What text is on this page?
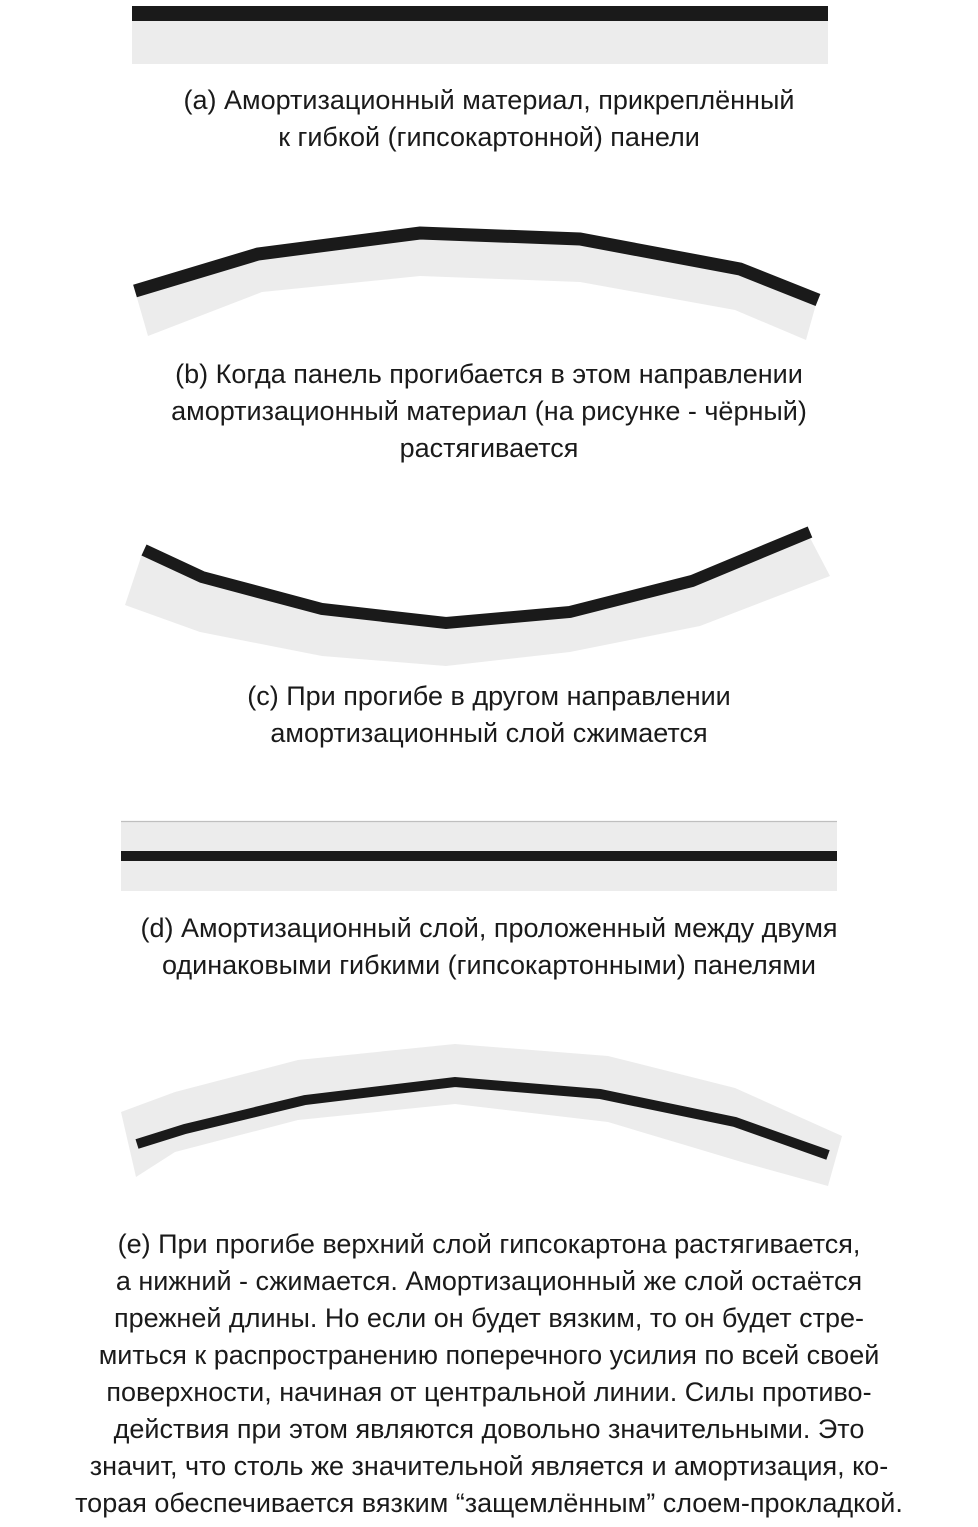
(a) Амортизационный материал, прикреплённый
к гибкой (гипсокартонной) панели
(b) Когда панель прогибается в этом направлении
амортизационный материал (на рисунке - чёрный)
растягивается
(c) При прогибе в другом направлении
амортизационный слой сжимается
(d) Амортизационный слой, проложенный между двумя
одинаковыми гибкими (гипсокартонными) панелями
(e) При прогибе верхний слой гипсокартона растягивается,
а нижний - сжимается. Амортизационный же слой остаётся
прежней длины. Но если он будет вязким, то он будет стре-
миться к распространению поперечного усилия по всей своей
поверхности, начиная от центральной линии. Силы противо-
действия при этом являются довольно значительными. Это
значит, что столь же значительной является и амортизация, ко-
торая обеспечивается вязким “защемлённым” слоем-прокладкой.
